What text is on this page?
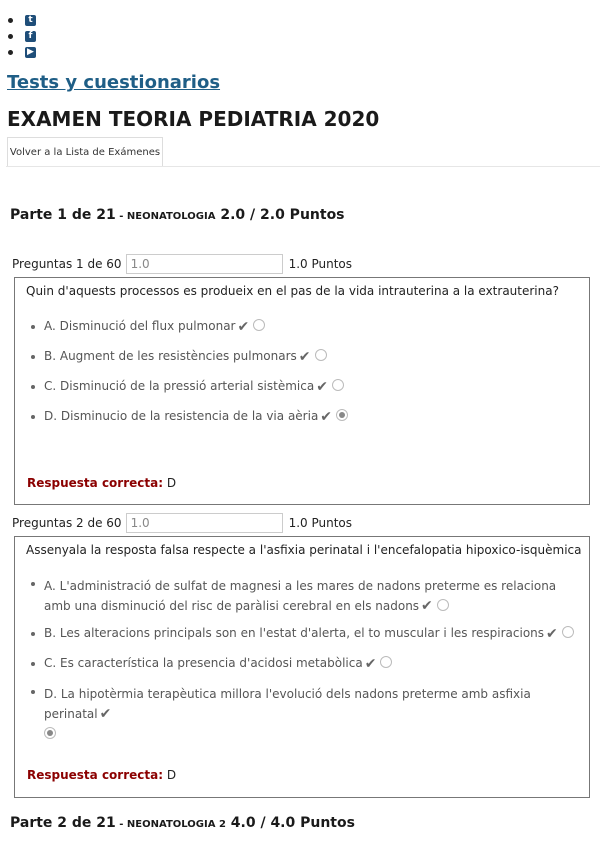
t
f
▶
Tests y cuestionarios
EXAMEN TEORIA PEDIATRIA 2020
Volver a la Lista de Exámenes
Parte 1 de 21 - NEONATOLOGIA 2.0 / 2.0 Puntos
Preguntas 1 de 60 1.0	1.0 Puntos
Quin d'aquests processos es produeix en el pas de la vida intrauterina a la extrauterina?
A. Disminució del flux pulmonar ✔
B. Augment de les resistències pulmonars ✔
C. Disminució de la pressió arterial sistèmica ✔
D. Disminucio de la resistencia de la via aèria ✔
Respuesta correcta: D
Preguntas 2 de 60 1.0	1.0 Puntos
Assenyala la resposta falsa respecte a l'asfixia perinatal i l'encefalopatia hipoxico-isquèmica
A. L'administració de sulfat de magnesi a les mares de nadons preterme es relaciona amb una disminució del risc de paràlisi cerebral en els nadons ✔
B. Les alteracions principals son en l'estat d'alerta, el to muscular i les respiracions ✔
C. Es característica la presencia d'acidosi metabòlica ✔
D. La hipotèrmia terapèutica millora l'evolució dels nadons preterme amb asfixia perinatal ✔

Respuesta correcta: D
Parte 2 de 21 - NEONATOLOGIA 2 4.0 / 4.0 Puntos
